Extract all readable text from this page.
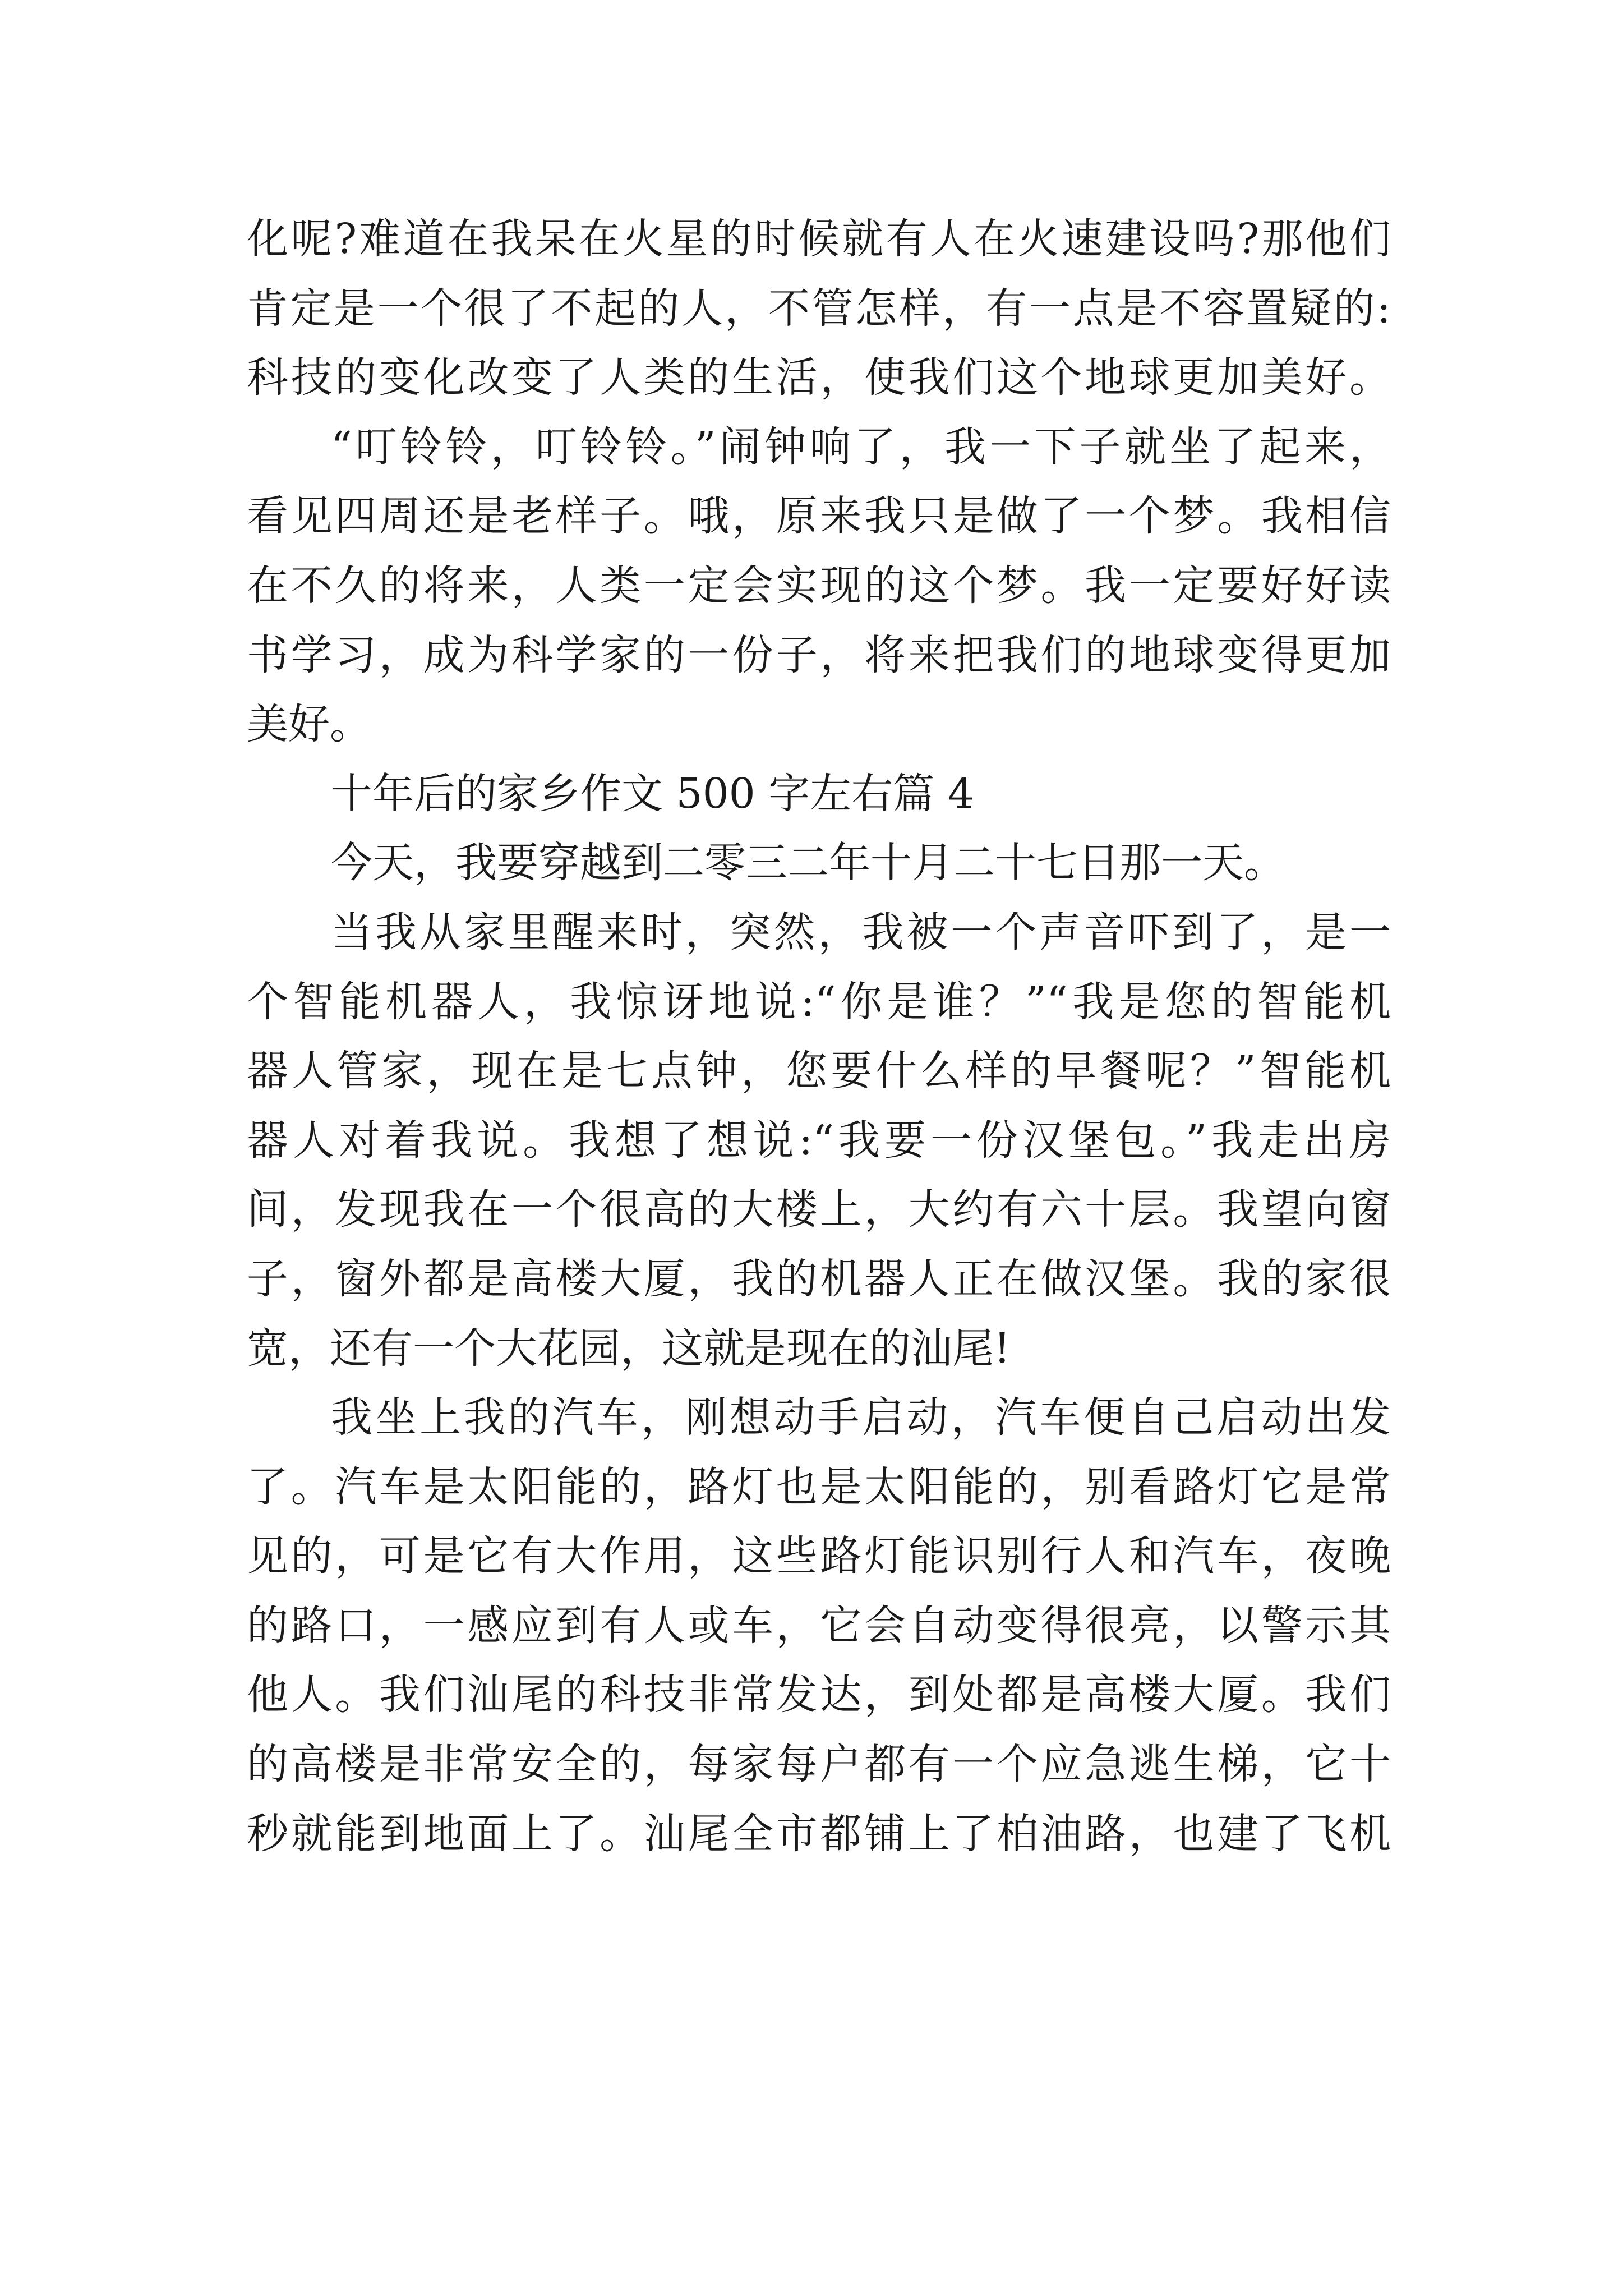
化呢?难道在我呆在火星的时候就有人在火速建设吗?那他们
肯定是一个很了不起的人，不管怎样，有一点是不容置疑的:
科技的变化改变了人类的生活，使我们这个地球更加美好。
“叮铃铃，叮铃铃。”闹钟响了，我一下子就坐了起来，
看见四周还是老样子。哦，原来我只是做了一个梦。我相信
在不久的将来，人类一定会实现的这个梦。我一定要好好读
书学习，成为科学家的一份子，将来把我们的地球变得更加
美好。
十年后的家乡作文 500 字左右篇 4
今天，我要穿越到二零三二年十月二十七日那一天。
当我从家里醒来时，突然，我被一个声音吓到了，是一
个智能机器人，我惊讶地说:“你是谁？”“我是您的智能机
器人管家，现在是七点钟，您要什么样的早餐呢？”智能机
器人对着我说。我想了想说:“我要一份汉堡包。”我走出房
间，发现我在一个很高的大楼上，大约有六十层。我望向窗
子，窗外都是高楼大厦，我的机器人正在做汉堡。我的家很
宽，还有一个大花园，这就是现在的汕尾!
我坐上我的汽车，刚想动手启动，汽车便自己启动出发
了。汽车是太阳能的，路灯也是太阳能的，别看路灯它是常
见的，可是它有大作用，这些路灯能识别行人和汽车，夜晚
的路口，一感应到有人或车，它会自动变得很亮，以警示其
他人。我们汕尾的科技非常发达，到处都是高楼大厦。我们
的高楼是非常安全的，每家每户都有一个应急逃生梯，它十
秒就能到地面上了。汕尾全市都铺上了柏油路，也建了飞机
